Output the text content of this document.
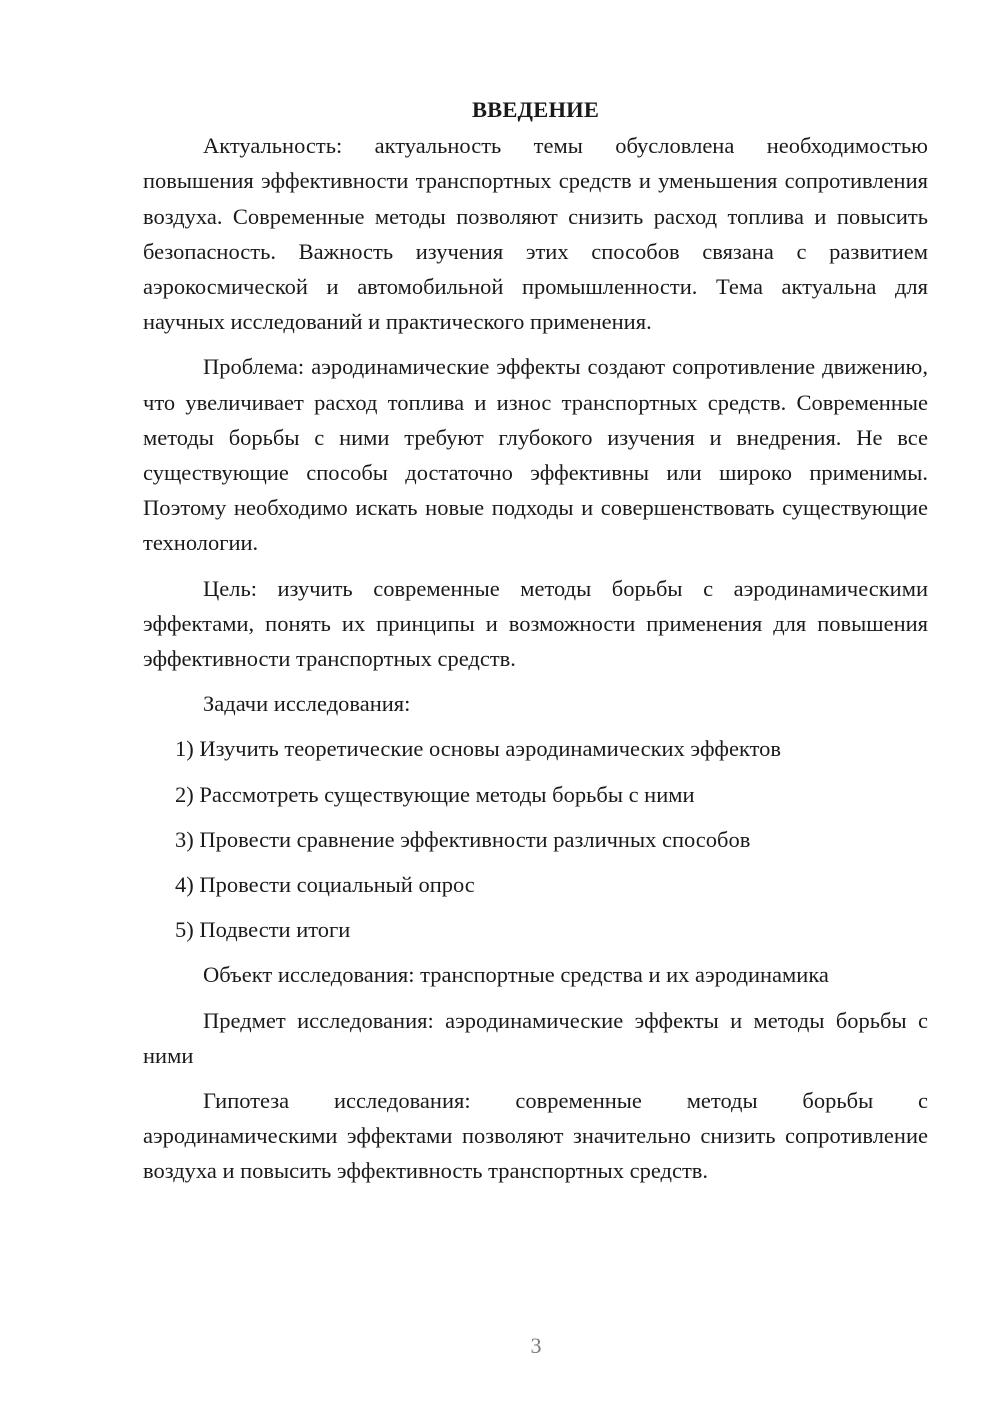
ВВЕДЕНИЕ

Актуальность: актуальность темы обусловлена необходимостью повышения эффективности транспортных средств и уменьшения сопротивления воздуха. Современные методы позволяют снизить расход топлива и повысить безопасность. Важность изучения этих способов связана с развитием аэрокосмической и автомобильной промышленности. Тема актуальна для научных исследований и практического применения.

Проблема: аэродинамические эффекты создают сопротивление движению, что увеличивает расход топлива и износ транспортных средств. Современные методы борьбы с ними требуют глубокого изучения и внедрения. Не все существующие способы достаточно эффективны или широко применимы. Поэтому необходимо искать новые подходы и совершенствовать существующие технологии.

Цель: изучить современные методы борьбы с аэродинамическими эффектами, понять их принципы и возможности применения для повышения эффективности транспортных средств.

Задачи исследования:

1) Изучить теоретические основы аэродинамических эффектов
2) Рассмотреть существующие методы борьбы с ними
3) Провести сравнение эффективности различных способов
4) Провести социальный опрос
5) Подвести итоги

Объект исследования: транспортные средства и их аэродинамика

Предмет исследования: аэродинамические эффекты и методы борьбы с ними

Гипотеза исследования: современные методы борьбы с аэродинамическими эффектами позволяют значительно снизить сопротивление воздуха и повысить эффективность транспортных средств.

3
